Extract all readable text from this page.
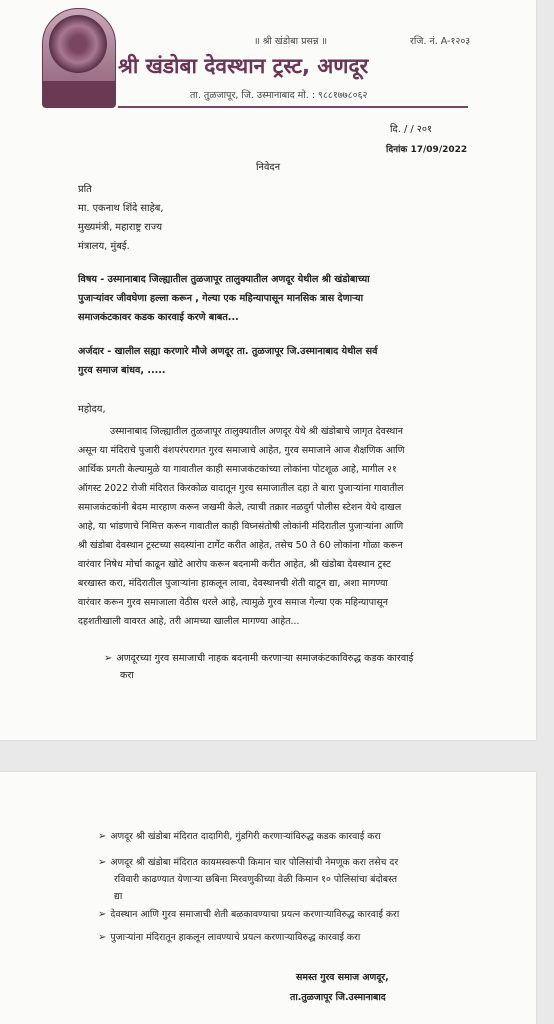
॥ श्री खंडोबा प्रसन्न ॥	रजि. नं. A-१२०३
श्री खंडोबा देवस्थान ट्रस्ट, अणदूर
ता. तुळजापूर, जि. उस्मानाबाद मो. : ९८८१७७८०६२
दि. / / २०१
दिनांक 17/09/2022
निवेदन
महोदय,
प्रति
मा. एकनाथ शिंदे साहेब,
मुख्यमंत्री, महाराष्ट्र राज्य
मंत्रालय, मुंबई.
विषय - उस्मानाबाद जिल्ह्यातील तुळजापूर तालुक्यातील अणदूर येथील श्री खंडोबाच्या
पुजाऱ्यांवर जीवघेणा हल्ला करून , गेल्या एक महिन्यापासून मानसिक त्रास देणाऱ्या
समाजकंटकावर कडक कारवाई करणे बाबत...
अर्जदार - खालील सह्या करणारे मौजे अणदूर ता. तुळजापूर जि.उस्मानाबाद येथील सर्व
गुरव समाज बांधव, .....
उस्मानाबाद जिल्ह्यातील तुळजापूर तालुक्यातील अणदूर येथे श्री खंडोबाचे जागृत देवस्थान
असून या मंदिराचे पुजारी वंशपरंपरागत गुरव समाजाचे आहेत, गुरव समाजाने आज शैक्षणिक आणि
आर्थिक प्रगती केल्यामुळे या गावातील काही समाजकंटकांच्या लोकांना पोटशूळ आहे, मागील २१
ऑगस्ट 2022 रोजी मंदिरात किरकोळ वादातून गुरव समाजातील दहा ते बारा पुजाऱ्यांना गावातील
समाजकंटकांनी बेदम मारहाण करून जखमी केले, त्याची तक्रार नळदुर्ग पोलीस स्टेशन येथे दाखल
आहे, या भांडणाचे निमित्त करून गावातील काही विघ्नसंतोषी लोकांनी मंदिरातील पुजाऱ्यांना आणि
श्री खंडोबा देवस्थान ट्रस्टच्या सदस्यांना टार्गेट करीत आहेत, तसेच 50 ते 60 लोकांना गोळा करून
वारंवार निषेध मोर्चा काढून खोटे आरोप करून बदनामी करीत आहेत, श्री खंडोबा देवस्थान ट्रस्ट
बरखास्त करा, मंदिरातील पुजाऱ्यांना हाकलून लावा, देवस्थानची शेती वाटून द्या, अशा मागण्या
वारंवार करून गुरव समाजाला वेठीस धरले आहे, त्यामुळे गुरव समाज गेल्या एक महिन्यापासून
दहशतीखाली वावरत आहे, तरी आमच्या खालील मागण्या आहेत...
➢ अणदूरच्या गुरव समाजाची नाहक बदनामी करणाऱ्या समाजकंटकाविरुद्ध कडक कारवाई
करा
➢ अणदूर श्री खंडोबा मंदिरात दादागिरी, गुंडगिरी करणाऱ्यांविरुद्ध कडक कारवाई करा
➢ अणदूर श्री खंडोबा मंदिरात कायमस्वरूपी किमान चार पोलिसांची नेमणूक करा तसेच दर
रविवारी काढण्यात येणाऱ्या छबिना मिरवणुकीच्या वेळी किमान १० पोलिसांचा बंदोबस्त
द्या
➢ देवस्थान आणि गुरव समाजाची शेती बळकावण्याचा प्रयत्न करणाऱ्याविरुद्ध कारवाई करा
➢ पुजाऱ्यांना मंदिरातून हाकलून लावण्याचे प्रयत्न करणाऱ्याविरुद्ध कारवाई करा
समस्त गुरव समाज अणदूर,
ता.तुळजापूर जि.उस्मानाबाद
